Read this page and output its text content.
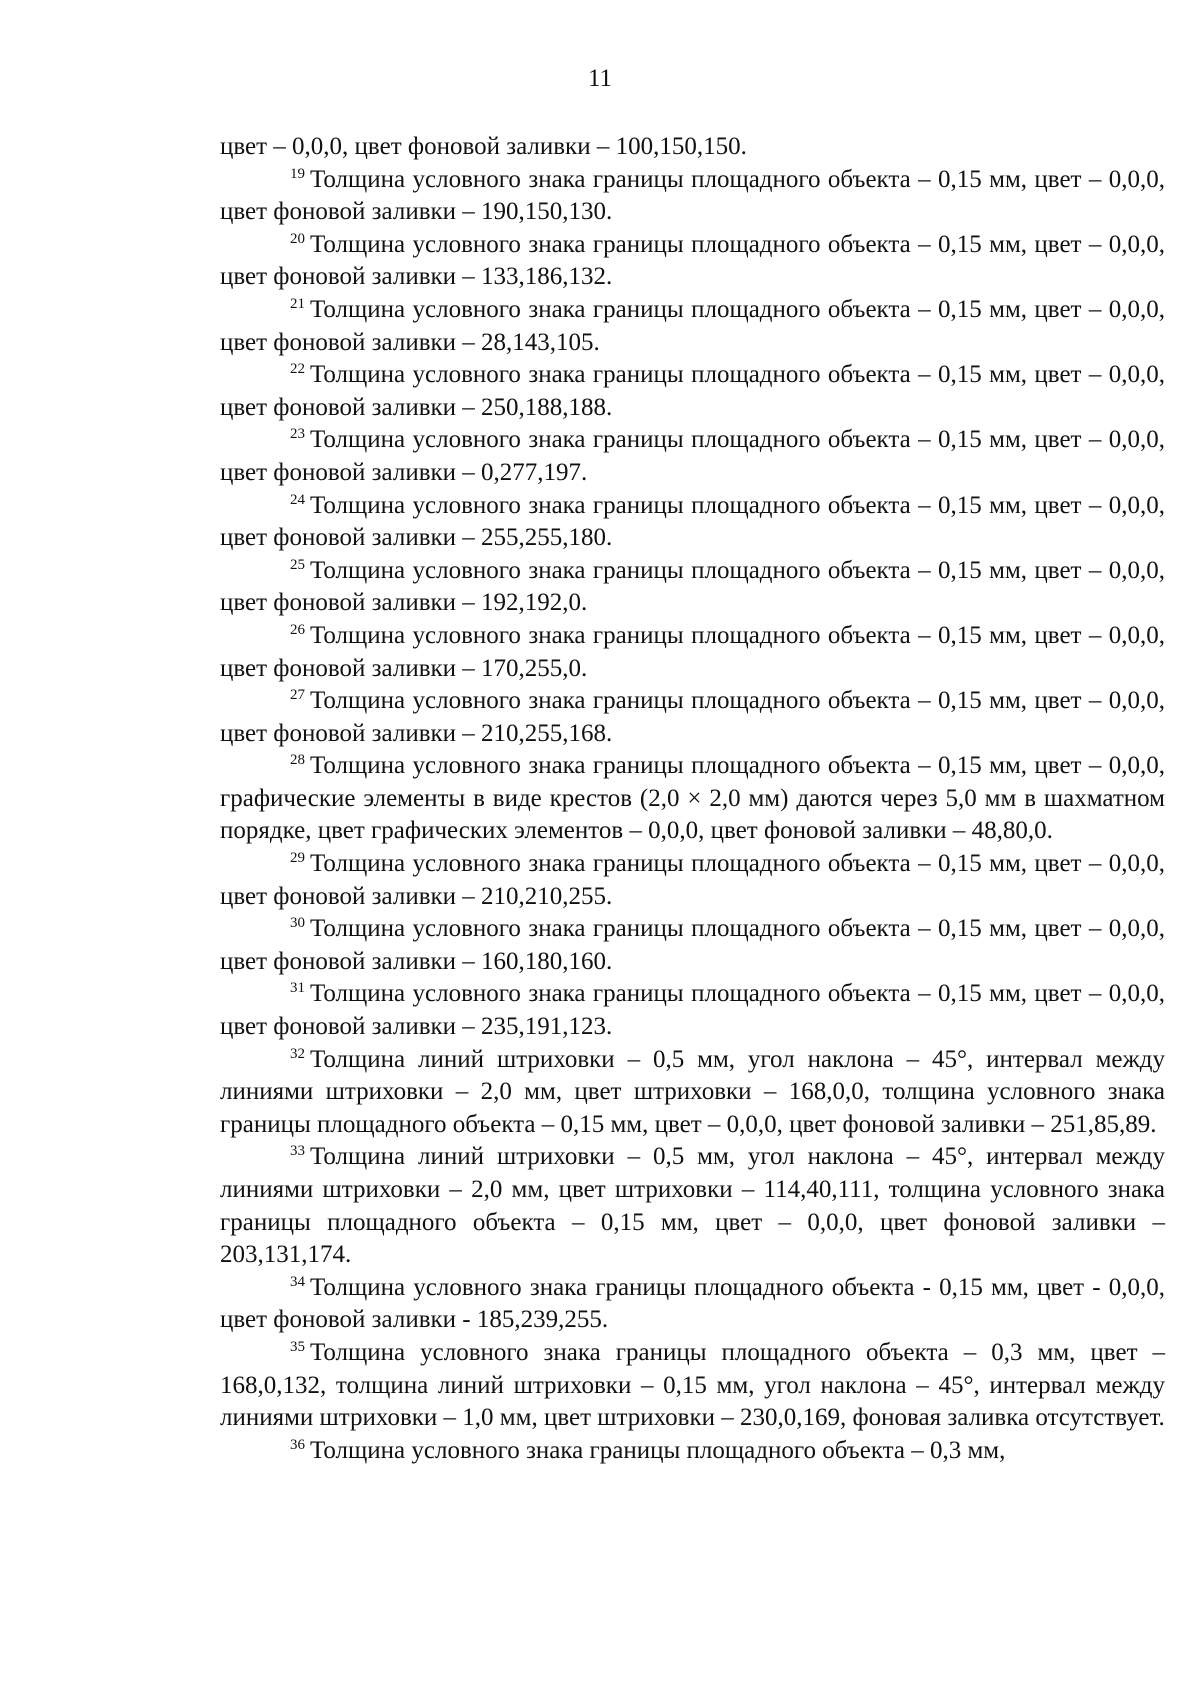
11

цвет – 0,0,0, цвет фоновой заливки – 100,150,150.

$^{19}$ Толщина условного знака границы площадного объекта – 0,15 мм, цвет – 0,0,0, цвет фоновой заливки – 190,150,130.

$^{20}$ Толщина условного знака границы площадного объекта – 0,15 мм, цвет – 0,0,0, цвет фоновой заливки – 133,186,132.

$^{21}$ Толщина условного знака границы площадного объекта – 0,15 мм, цвет – 0,0,0, цвет фоновой заливки – 28,143,105.

$^{22}$ Толщина условного знака границы площадного объекта – 0,15 мм, цвет – 0,0,0, цвет фоновой заливки – 250,188,188.

$^{23}$ Толщина условного знака границы площадного объекта – 0,15 мм, цвет – 0,0,0, цвет фоновой заливки – 0,277,197.

$^{24}$ Толщина условного знака границы площадного объекта – 0,15 мм, цвет – 0,0,0, цвет фоновой заливки – 255,255,180.

$^{25}$ Толщина условного знака границы площадного объекта – 0,15 мм, цвет – 0,0,0, цвет фоновой заливки – 192,192,0.

$^{26}$ Толщина условного знака границы площадного объекта – 0,15 мм, цвет – 0,0,0, цвет фоновой заливки – 170,255,0.

$^{27}$ Толщина условного знака границы площадного объекта – 0,15 мм, цвет – 0,0,0, цвет фоновой заливки – 210,255,168.

$^{28}$ Толщина условного знака границы площадного объекта – 0,15 мм, цвет – 0,0,0, графические элементы в виде крестов (2,0 × 2,0 мм) даются через 5,0 мм в шахматном порядке, цвет графических элементов – 0,0,0, цвет фоновой заливки – 48,80,0.

$^{29}$ Толщина условного знака границы площадного объекта – 0,15 мм, цвет – 0,0,0, цвет фоновой заливки – 210,210,255.

$^{30}$ Толщина условного знака границы площадного объекта – 0,15 мм, цвет – 0,0,0, цвет фоновой заливки – 160,180,160.

$^{31}$ Толщина условного знака границы площадного объекта – 0,15 мм, цвет – 0,0,0, цвет фоновой заливки – 235,191,123.

$^{32}$ Толщина линий штриховки – 0,5 мм, угол наклона – 45°, интервал между линиями штриховки – 2,0 мм, цвет штриховки – 168,0,0, толщина условного знака границы площадного объекта – 0,15 мм, цвет – 0,0,0, цвет фоновой заливки – 251,85,89.

$^{33}$ Толщина линий штриховки – 0,5 мм, угол наклона – 45°, интервал между линиями штриховки – 2,0 мм, цвет штриховки – 114,40,111, толщина условного знака границы площадного объекта – 0,15 мм, цвет – 0,0,0, цвет фоновой заливки – 203,131,174.

$^{34}$ Толщина условного знака границы площадного объекта - 0,15 мм, цвет - 0,0,0, цвет фоновой заливки - 185,239,255.

$^{35}$ Толщина условного знака границы площадного объекта – 0,3 мм, цвет – 168,0,132, толщина линий штриховки – 0,15 мм, угол наклона – 45°, интервал между линиями штриховки – 1,0 мм, цвет штриховки – 230,0,169, фоновая заливка отсутствует.

$^{36}$ Толщина условного знака границы площадного объекта – 0,3 мм,
